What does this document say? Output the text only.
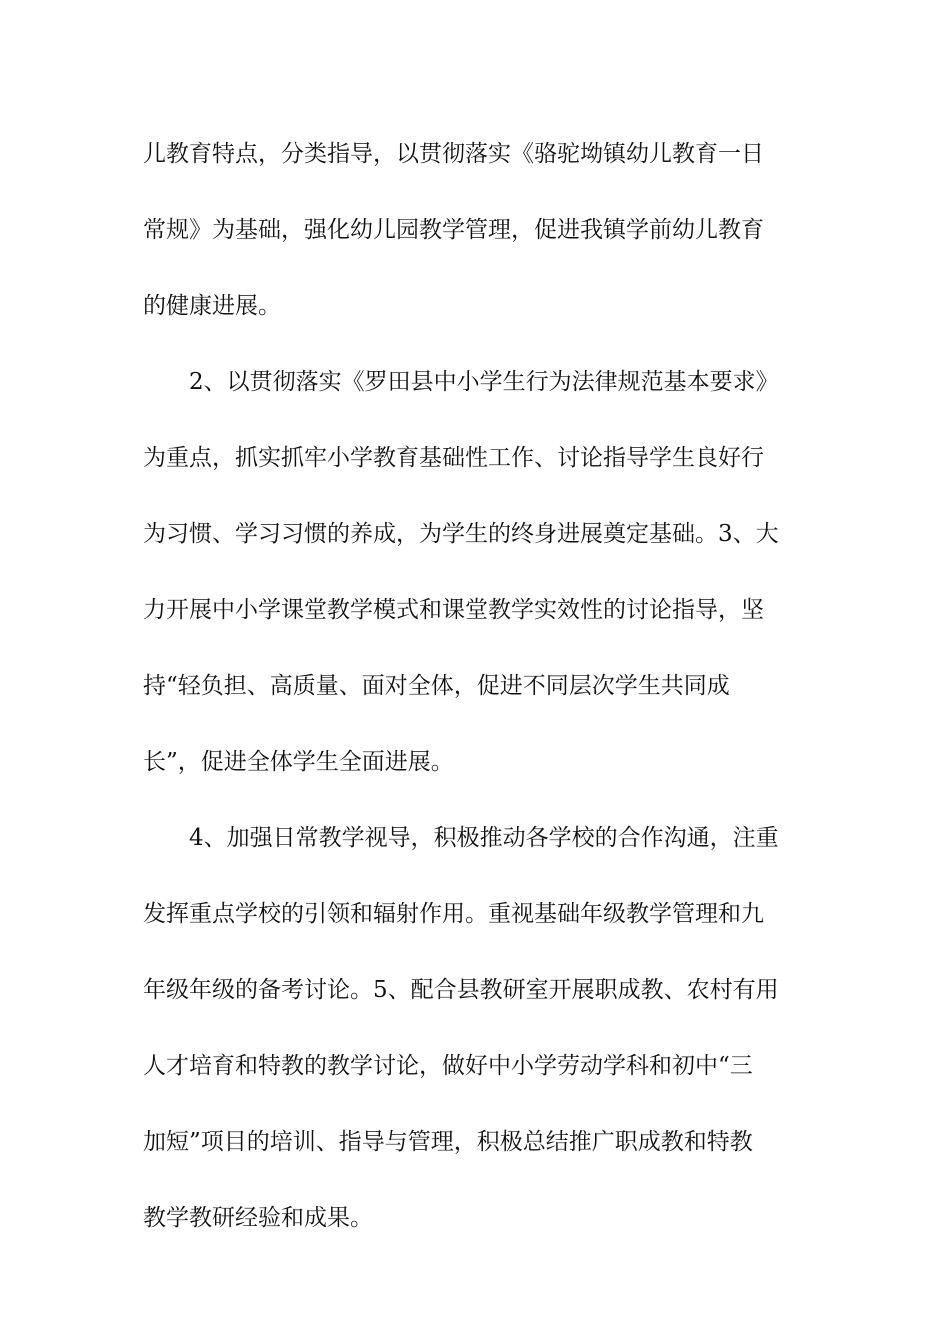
儿教育特点，分类指导，以贯彻落实《骆驼坳镇幼儿教育一日
常规》为基础，强化幼儿园教学管理，促进我镇学前幼儿教育
的健康进展。
　　2、以贯彻落实《罗田县中小学生行为法律规范基本要求》
为重点，抓实抓牢小学教育基础性工作、讨论指导学生良好行
为习惯、学习习惯的养成，为学生的终身进展奠定基础。3、大
力开展中小学课堂教学模式和课堂教学实效性的讨论指导，坚
持“轻负担、高质量、面对全体，促进不同层次学生共同成
长”，促进全体学生全面进展。
　　4、加强日常教学视导，积极推动各学校的合作沟通，注重
发挥重点学校的引领和辐射作用。重视基础年级教学管理和九
年级年级的备考讨论。5、配合县教研室开展职成教、农村有用
人才培育和特教的教学讨论，做好中小学劳动学科和初中“三
加短”项目的培训、指导与管理，积极总结推广职成教和特教
教学教研经验和成果。
